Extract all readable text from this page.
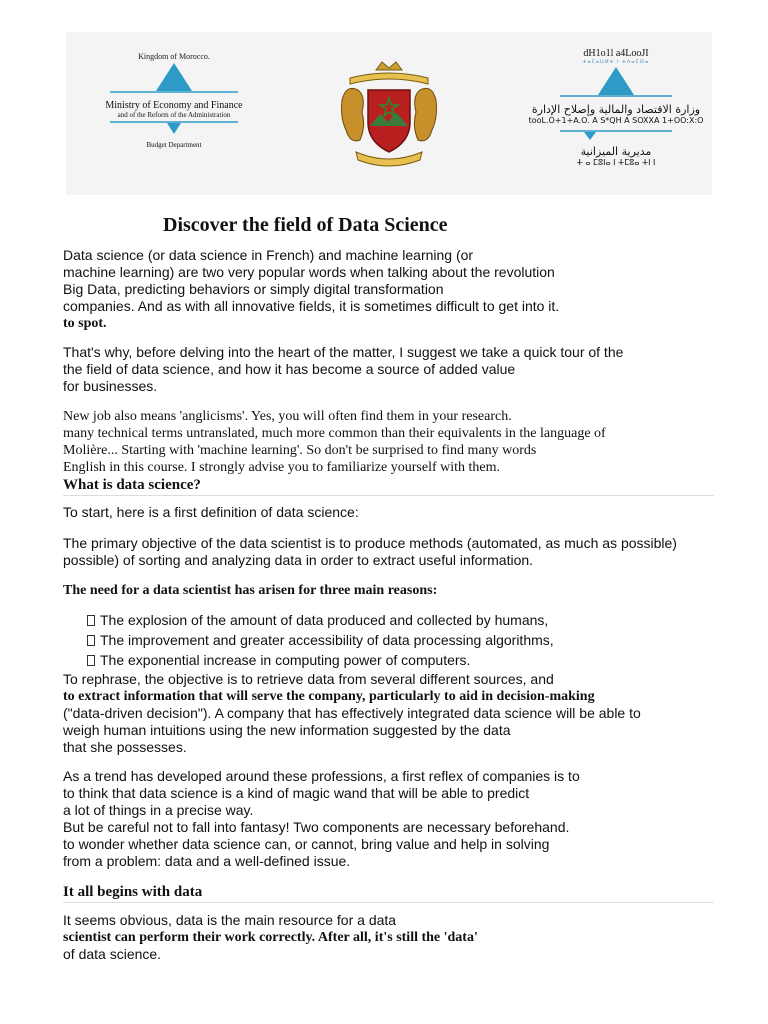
Kingdom of Morocco.
Ministry of Economy and Finance
and of the Reform of the Administration
Budget Department
dH1o1l a4LooJI
ⵜⴰⵎⴰⵡⵍⵜ ⵏ ⵜⴷⴰⵎⵙⴰ
وزارة الاقتصاد والمالية وإصلاح الإدارة
tooL.O+1+A.O. A S*QH A SOXXA 1+OO:X:O
مديرية الميزانية
ⵜ ⴰ ⵎⵓⵏⴰ ⵏ ⵜⵎⵓⴰ ⵜⵏ ⵏ
Discover the field of Data Science
Data science (or data science in French) and machine learning (or
machine learning) are two very popular words when talking about the revolution
Big Data, predicting behaviors or simply digital transformation
companies. And as with all innovative fields, it is sometimes difficult to get into it.
to spot.
That's why, before delving into the heart of the matter, I suggest we take a quick tour of the
the field of data science, and how it has become a source of added value
for businesses.
New job also means 'anglicisms'. Yes, you will often find them in your research.
many technical terms untranslated, much more common than their equivalents in the language of
Molière... Starting with 'machine learning'. So don't be surprised to find many words
English in this course. I strongly advise you to familiarize yourself with them.
What is data science?
To start, here is a first definition of data science:
The primary objective of the data scientist is to produce methods (automated, as much as possible)
possible) of sorting and analyzing data in order to extract useful information.
The need for a data scientist has arisen for three main reasons:
The explosion of the amount of data produced and collected by humans,
The improvement and greater accessibility of data processing algorithms,
The exponential increase in computing power of computers.
To rephrase, the objective is to retrieve data from several different sources, and
to extract information that will serve the company, particularly to aid in decision-making
("data-driven decision"). A company that has effectively integrated data science will be able to
weigh human intuitions using the new information suggested by the data
that she possesses.
As a trend has developed around these professions, a first reflex of companies is to
to think that data science is a kind of magic wand that will be able to predict
a lot of things in a precise way.
But be careful not to fall into fantasy! Two components are necessary beforehand.
to wonder whether data science can, or cannot, bring value and help in solving
from a problem: data and a well-defined issue.
It all begins with data
It seems obvious, data is the main resource for a data
scientist can perform their work correctly. After all, it's still the 'data'
of data science.
